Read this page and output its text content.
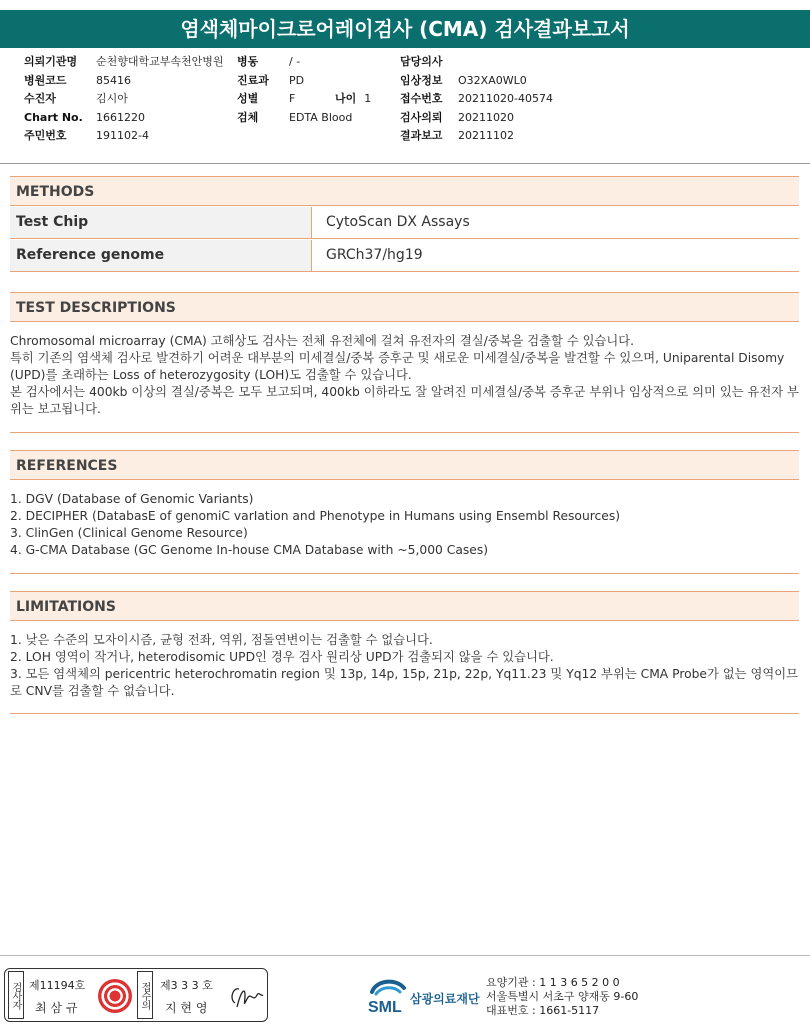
염색체마이크로어레이검사 (CMA) 검사결과보고서
의뢰기관명	순천향대학교부속천안병원
병원코드	85416
수진자	김시아
Chart No. 1661220
주민번호	191102-4
병동	/ -
진료과	PD
성별	F	나이 1
검체	EDTA Blood
담당의사
임상정보	O32XA0WL0
접수번호	20211020-40574
검사의뢰	20211020
결과보고	20211102
METHODS
Test Chip	CytoScan DX Assays
Reference genome	GRCh37/hg19
TEST DESCRIPTIONS
Chromosomal microarray (CMA) 고해상도 검사는 전체 유전체에 걸쳐 유전자의 결실/중복을 검출할 수 있습니다.
특히 기존의 염색체 검사로 발견하기 어려운 대부분의 미세결실/중복 증후군 및 새로운 미세결실/중복을 발견할 수 있으며, Uniparental Disomy (UPD)를 초래하는 Loss of heterozygosity (LOH)도 검출할 수 있습니다.
본 검사에서는 400kb 이상의 결실/중복은 모두 보고되며, 400kb 이하라도 잘 알려진 미세결실/중복 증후군 부위나 임상적으로 의미 있는 유전자 부위는 보고됩니다.
REFERENCES
1. DGV (Database of Genomic Variants)
2. DECIPHER (DatabasE of genomiC varIation and Phenotype in Humans using Ensembl Resources)
3. ClinGen (Clinical Genome Resource)
4. G-CMA Database (GC Genome In-house CMA Database with ~5,000 Cases)
LIMITATIONS
1. 낮은 수준의 모자이시즘, 균형 전좌, 역위, 점돌연변이는 검출할 수 없습니다.
2. LOH 영역이 작거나, heterodisomic UPD인 경우 검사 원리상 UPD가 검출되지 않을 수 있습니다.
3. 모든 염색체의 pericentric heterochromatin region 및 13p, 14p, 15p, 21p, 22p, Yq11.23 및 Yq12 부위는 CMA Probe가 없는 영역이므로 CNV를 검출할 수 없습니다.
검사자 제11194호
최 삼 규	접수의 제3 3 3 호
지 현 영	SML 삼광의료재단
요양기관 : 1 1 3 6 5 2 0 0
서울특별시 서초구 양재동 9-60
대표번호 : 1661-5117
